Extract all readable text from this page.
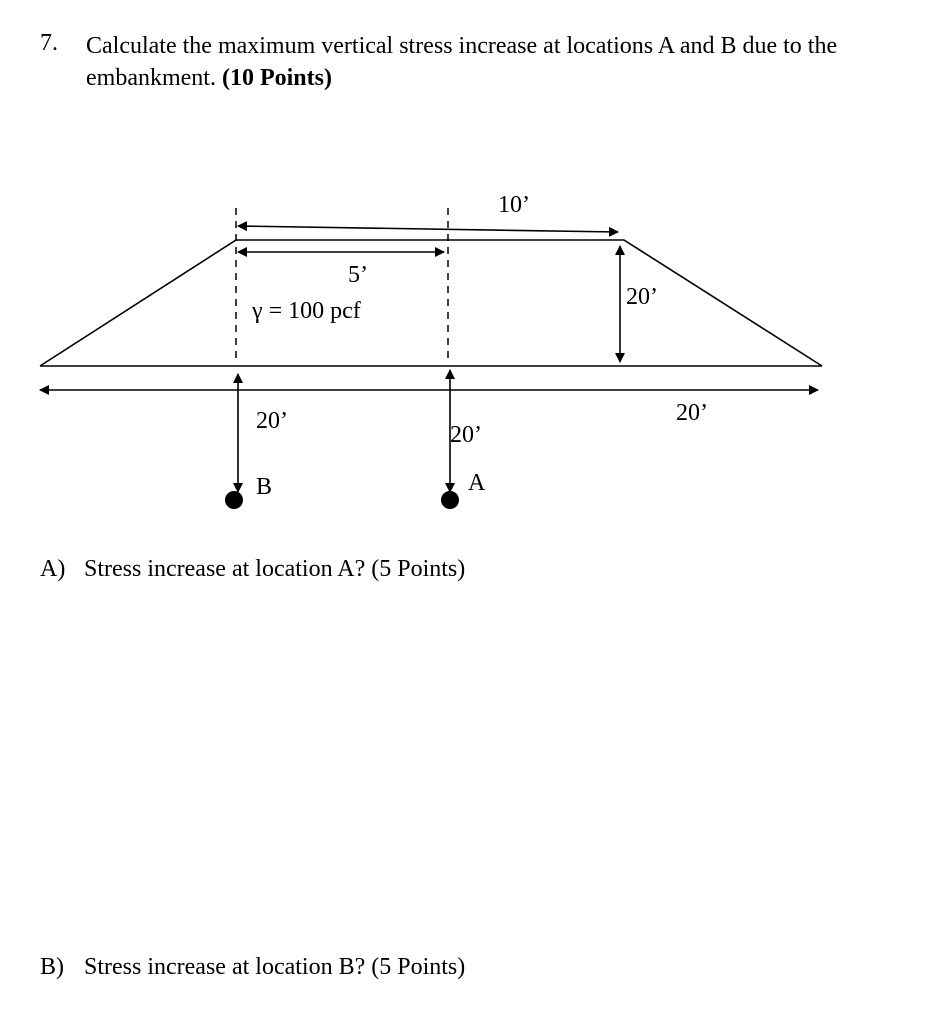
7. Calculate the maximum vertical stress increase at locations A and B due to the embankment. (10 Points)
10’
5’
γ = 100 pcf
20’
20’
20’
B
20’
A
A) Stress increase at location A? (5 Points)
B) Stress increase at location B? (5 Points)
